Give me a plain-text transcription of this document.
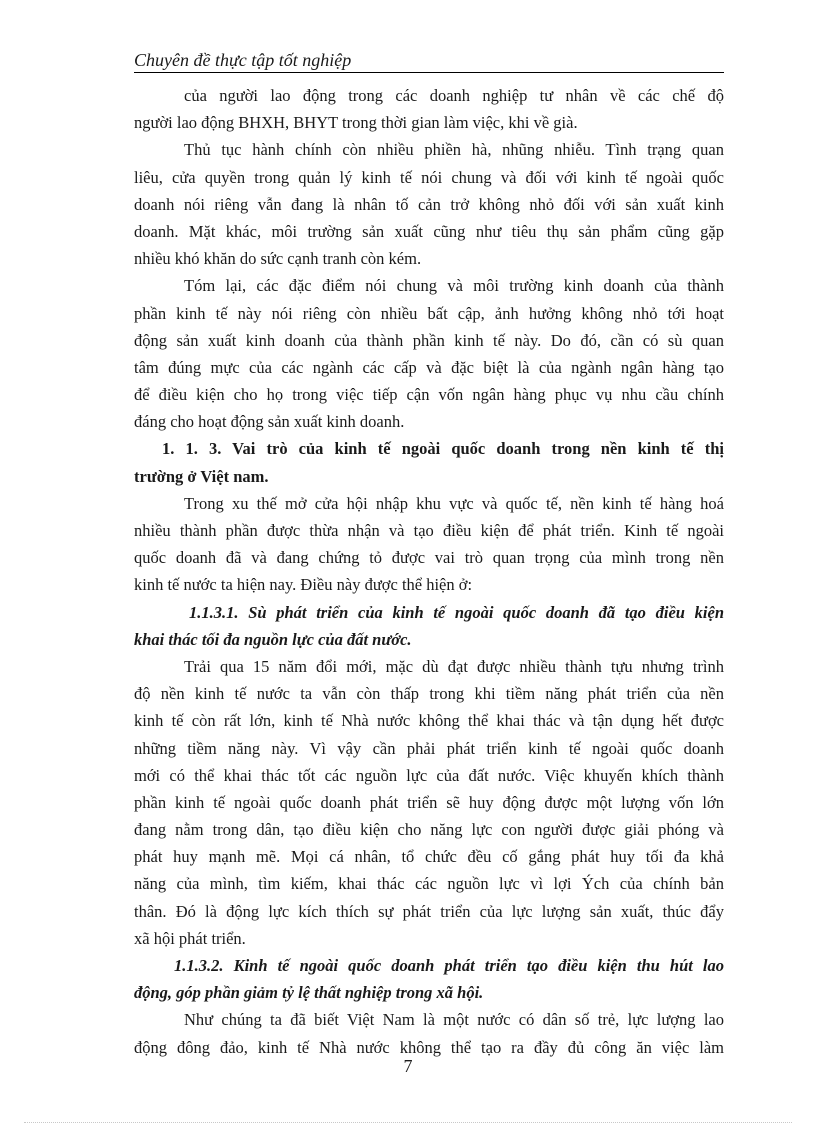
Chuyên đề thực tập tốt nghiệp
của người lao động trong các doanh nghiệp tư nhân về các chế độ
người lao động BHXH, BHYT trong thời gian làm việc, khi về già.
Thủ tục hành chính còn nhiều phiền hà, nhũng nhiễu. Tình trạng quan
liêu, cửa quyền trong quản lý kinh tế nói chung và đối với kinh tế ngoài quốc
doanh nói riêng vẫn đang là nhân tố cản trở không nhỏ đối với sản xuất kinh
doanh. Mặt khác, môi trường sản xuất cũng như tiêu thụ sản phẩm cũng gặp
nhiều khó khăn do sức cạnh tranh còn kém.
Tóm lại, các đặc điểm nói chung và môi trường kinh doanh của thành
phần kinh tế này nói riêng còn nhiều bất cập, ảnh hưởng không nhỏ tới hoạt
động sản xuất kinh doanh của thành phần kinh tế này. Do đó, cần có sù quan
tâm đúng mực của các ngành các cấp và đặc biệt là của ngành ngân hàng tạo
để điều kiện cho họ trong việc tiếp cận vốn ngân hàng phục vụ nhu cầu chính
đáng cho hoạt động sản xuất kinh doanh.
1. 1. 3. Vai trò của kinh tế ngoài quốc doanh trong nền kinh tế thị
trường ở Việt nam.
Trong xu thế mở cửa hội nhập khu vực và quốc tế, nền kinh tế hàng hoá
nhiều thành phần được thừa nhận và tạo điều kiện để phát triển. Kinh tế ngoài
quốc doanh đã và đang chứng tỏ được vai trò quan trọng của mình trong nền
kinh tế nước ta hiện nay. Điều này được thể hiện ở:
1.1.3.1. Sù phát triển của kinh tế ngoài quốc doanh đã tạo điều kiện
khai thác tối đa nguồn lực của đất nước.
Trải qua 15 năm đổi mới, mặc dù đạt được nhiều thành tựu nhưng trình
độ nền kinh tế nước ta vẫn còn thấp trong khi tiềm năng phát triển của nền
kinh tế còn rất lớn, kinh tế Nhà nước không thể khai thác và tận dụng hết được
những tiềm năng này. Vì vậy cần phải phát triển kinh tế ngoài quốc doanh
mới có thể khai thác tốt các nguồn lực của đất nước. Việc khuyến khích thành
phần kinh tế ngoài quốc doanh phát triển sẽ huy động được một lượng vốn lớn
đang nằm trong dân, tạo điều kiện cho năng lực con người được giải phóng và
phát huy mạnh mẽ. Mọi cá nhân, tổ chức đều cố gắng phát huy tối đa khả
năng của mình, tìm kiếm, khai thác các nguồn lực vì lợi Ých của chính bản
thân. Đó là động lực kích thích sự phát triển của lực lượng sản xuất, thúc đẩy
xã hội phát triển.
1.1.3.2. Kinh tế ngoài quốc doanh phát triển tạo điều kiện thu hút lao
động, góp phần giảm tỷ lệ thất nghiệp trong xã hội.
Như chúng ta đã biết Việt Nam là một nước có dân số trẻ, lực lượng lao
động đông đảo, kinh tế Nhà nước không thể tạo ra đầy đủ công ăn việc làm
7
